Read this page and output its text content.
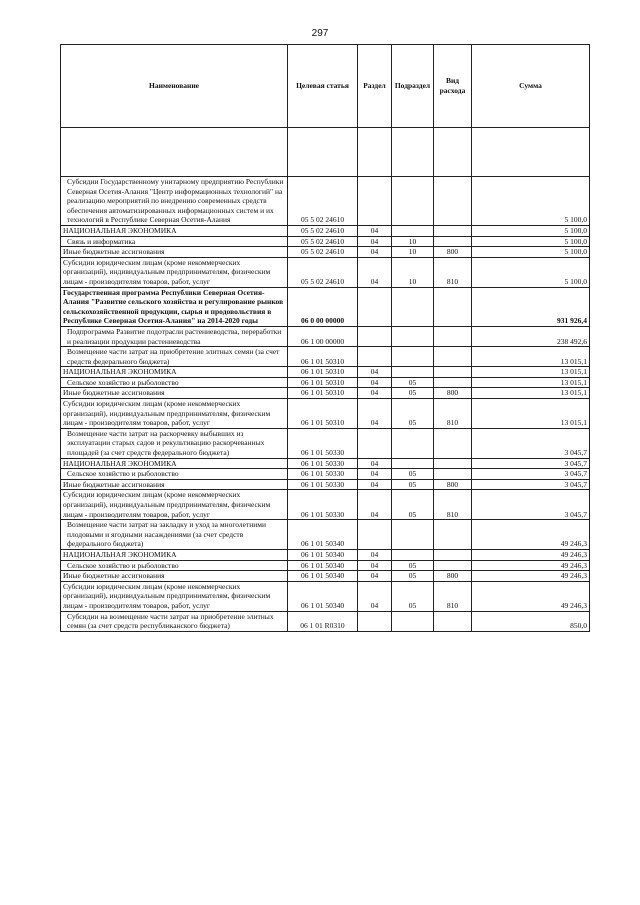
297
Наименование	Целевая статья	Раздел	Подраздел	Вид расхода	Сумма

Субсидии Государственному унитарному предприятию Республики Северная Осетия-Алания "Центр информационных технологий" на реализацию мероприятий по внедрению современных средств обеспечения автоматизированных информационных систем и их технологий в Республике Северная Осетия-Алания	05 5 02 24610				5 100,0
НАЦИОНАЛЬНАЯ ЭКОНОМИКА	05 5 02 24610	04			5 100,0
Связь и информатика	05 5 02 24610	04	10		5 100,0
Иные бюджетные ассигнования	05 5 02 24610	04	10	800	5 100,0
Субсидии юридическим лицам (кроме некоммерческих организаций), индивидуальным предпринимателям, физическим лицам - производителям товаров, работ, услуг	05 5 02 24610	04	10	810	5 100,0
Государственная программа Республики Северная Осетия-Алания "Развитие сельского хозяйства и регулирование рынков сельскохозяйственной продукции, сырья и продовольствия в Республике Северная Осетия-Алания" на 2014-2020 годы	06 0 00 00000				931 926,4
Подпрограмма Развитие подотрасли растениеводства, переработки и реализации продукции растениеводства	06 1 00 00000				238 492,6
Возмещение части затрат на приобретение элитных семян (за счет средств федерального бюджета)	06 1 01 50310				13 015,1
НАЦИОНАЛЬНАЯ ЭКОНОМИКА	06 1 01 50310	04			13 015,1
Сельское хозяйство и рыболовство	06 1 01 50310	04	05		13 015,1
Иные бюджетные ассигнования	06 1 01 50310	04	05	800	13 015,1
Субсидии юридическим лицам (кроме некоммерческих организаций), индивидуальным предпринимателям, физическим лицам - производителям товаров, работ, услуг	06 1 01 50310	04	05	810	13 015,1
Возмещение части затрат на раскорчевку выбывших из эксплуатации старых садов и рекультивацию раскорчеванных площадей (за счет средств федерального бюджета)	06 1 01 50330				3 045,7
НАЦИОНАЛЬНАЯ ЭКОНОМИКА	06 1 01 50330	04			3 045,7
Сельское хозяйство и рыболовство	06 1 01 50330	04	05		3 045,7
Иные бюджетные ассигнования	06 1 01 50330	04	05	800	3 045,7
Субсидии юридическим лицам (кроме некоммерческих организаций), индивидуальным предпринимателям, физическим лицам - производителям товаров, работ, услуг	06 1 01 50330	04	05	810	3 045,7
Возмещение части затрат на закладку и уход за многолетними плодовыми и ягодными насаждениями (за счет средств федерального бюджета)	06 1 01 50340				49 246,3
НАЦИОНАЛЬНАЯ ЭКОНОМИКА	06 1 01 50340	04			49 246,3
Сельское хозяйство и рыболовство	06 1 01 50340	04	05		49 246,3
Иные бюджетные ассигнования	06 1 01 50340	04	05	800	49 246,3
Субсидии юридическим лицам (кроме некоммерческих организаций), индивидуальным предпринимателям, физическим лицам - производителям товаров, работ, услуг	06 1 01 50340	04	05	810	49 246,3
Субсидии на возмещение части затрат на приобретение элитных семян (за счет средств республиканского бюджета)	06 1 01 R0310				850,0
